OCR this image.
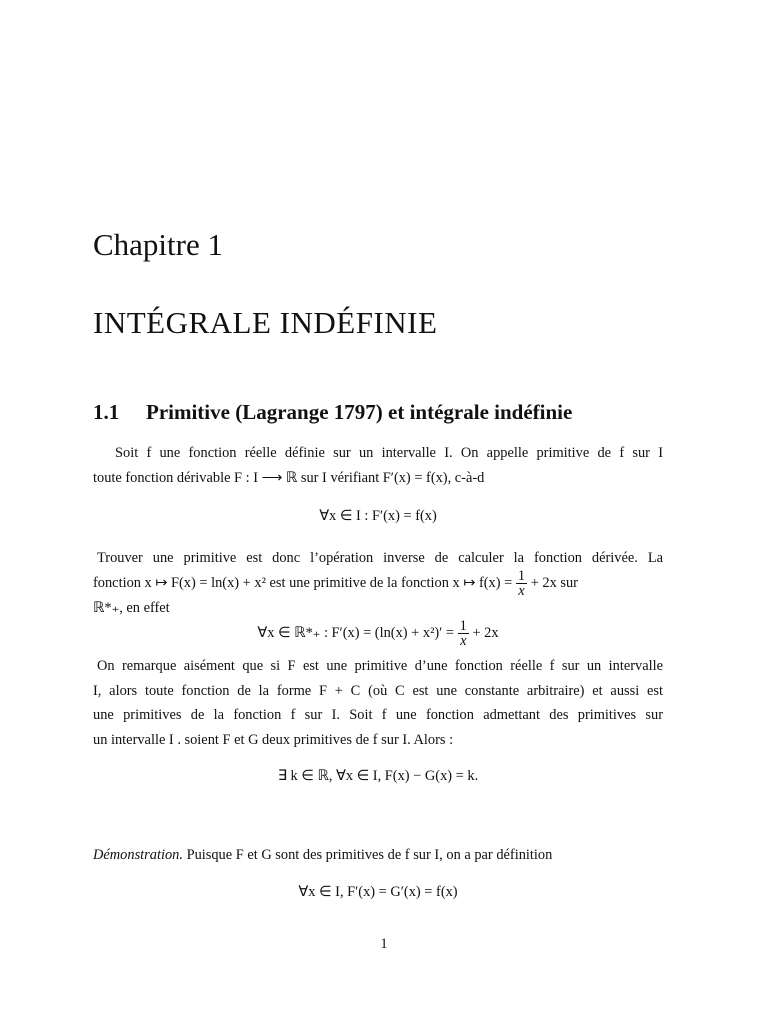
Chapitre 1
INTÉGRALE INDÉFINIE
1.1 Primitive (Lagrange 1797) et intégrale indéfinie
Soit f une fonction réelle définie sur un intervalle I. On appelle primitive de f sur I
toute fonction dérivable F : I ⟶ ℝ sur I vérifiant F′(x) = f(x), c-à-d
∀x ∈ I : F′(x) = f(x)
Trouver une primitive est donc l’opération inverse de calculer la fonction dérivée. La
fonction x ↦ F(x) = ln(x) + x² est une primitive de la fonction x ↦ $f(x) = \frac{1}{x} + 2x$ sur
ℝ*₊, en effet
∀x ∈ ℝ*₊ : $F'(x) = (\ln(x) + x^2)' = \frac{1}{x} + 2x$
On remarque aisément que si F est une primitive d’une fonction réelle f sur un intervalle
I, alors toute fonction de la forme F + C (où C est une constante arbitraire) et aussi est
une primitives de la fonction f sur I. Soit f une fonction admettant des primitives sur
un intervalle I . soient F et G deux primitives de f sur I. Alors :
∃ k ∈ ℝ, ∀x ∈ I, F(x) − G(x) = k.
Démonstration. Puisque F et G sont des primitives de f sur I, on a par définition
∀x ∈ I, F′(x) = G′(x) = f(x)
1
